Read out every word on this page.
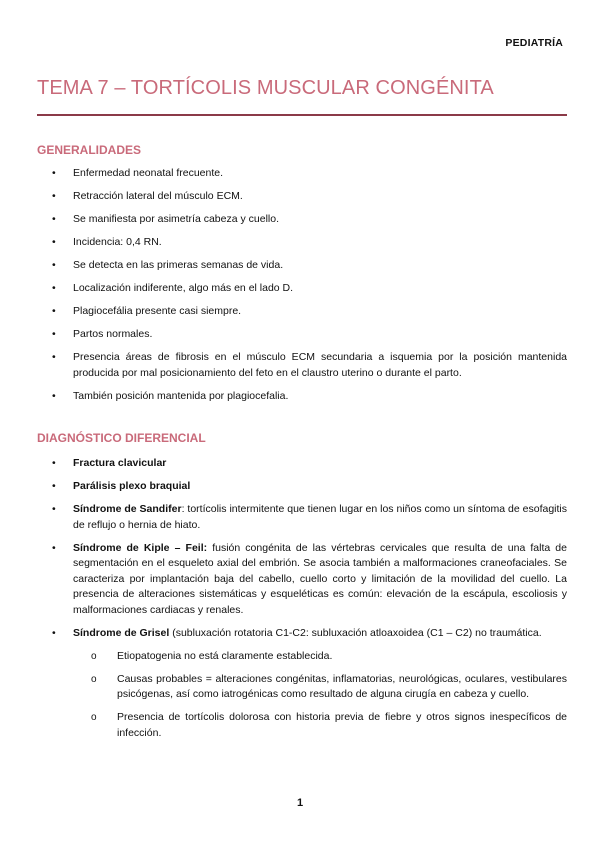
PEDIATRÍA
TEMA 7 – TORTÍCOLIS MUSCULAR CONGÉNITA
GENERALIDADES
• Enfermedad neonatal frecuente.
• Retracción lateral del músculo ECM.
• Se manifiesta por asimetría cabeza y cuello.
• Incidencia: 0,4 RN.
• Se detecta en las primeras semanas de vida.
• Localización indiferente, algo más en el lado D.
• Plagiocefália presente casi siempre.
• Partos normales.
• Presencia áreas de fibrosis en el músculo ECM secundaria a isquemia por la posición mantenida producida por mal posicionamiento del feto en el claustro uterino o durante el parto.
• También posición mantenida por plagiocefalia.
DIAGNÓSTICO DIFERENCIAL
• Fractura clavicular
• Parálisis plexo braquial
• Síndrome de Sandifer: tortícolis intermitente que tienen lugar en los niños como un síntoma de esofagitis de reflujo o hernia de hiato.
• Síndrome de Kiple – Feil: fusión congénita de las vértebras cervicales que resulta de una falta de segmentación en el esqueleto axial del embrión. Se asocia también a malformaciones craneofaciales. Se caracteriza por implantación baja del cabello, cuello corto y limitación de la movilidad del cuello. La presencia de alteraciones sistemáticas y esqueléticas es común: elevación de la escápula, escoliosis y malformaciones cardiacas y renales.
• Síndrome de Grisel (subluxación rotatoria C1-C2: subluxación atloaxoidea (C1 – C2) no traumática.
o Etiopatogenia no está claramente establecida.
o Causas probables = alteraciones congénitas, inflamatorias, neurológicas, oculares, vestibulares psicógenas, así como iatrogénicas como resultado de alguna cirugía en cabeza y cuello.
o Presencia de tortícolis dolorosa con historia previa de fiebre y otros signos inespecíficos de infección.
1
